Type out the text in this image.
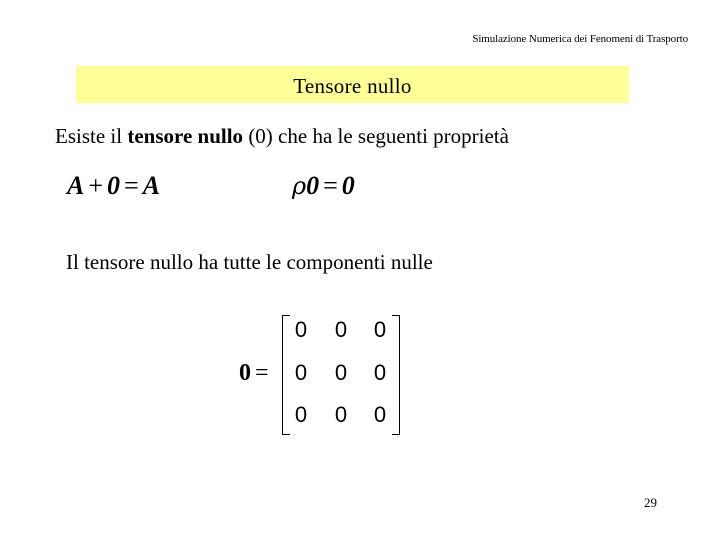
Simulazione Numerica dei Fenomeni di Trasporto
Tensore nullo
Esiste il tensore nullo (0) che ha le seguenti proprietà
A + 0 = A	ρ0 = 0
Il tensore nullo ha tutte le componenti nulle
0 =
0	0	0
0	0	0
0	0	0
29
